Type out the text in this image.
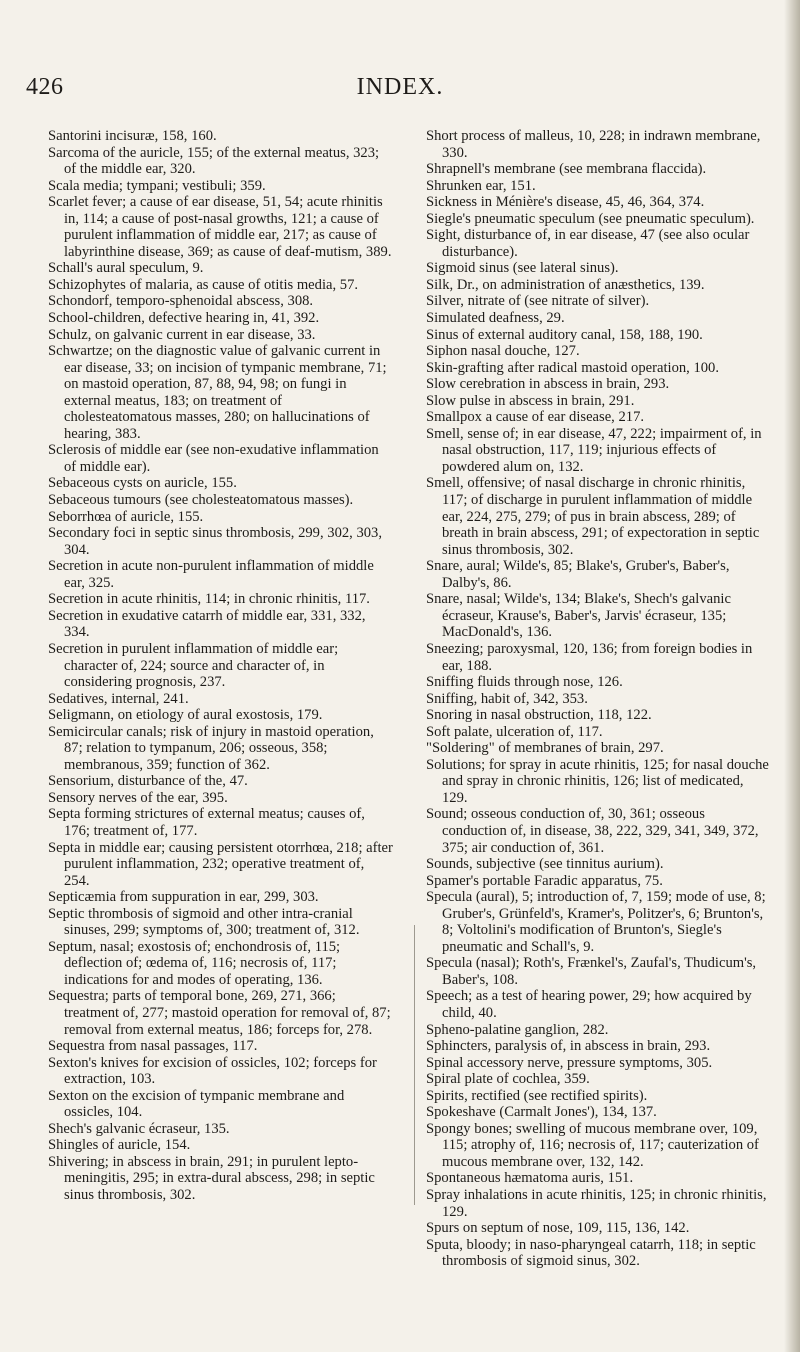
426	INDEX.
Santorini incisuræ, 158, 160.
Sarcoma of the auricle, 155; of the external meatus, 323; of the middle ear, 320.
Scala media; tympani; vestibuli; 359.
Scarlet fever; a cause of ear disease, 51, 54; acute rhinitis in, 114; a cause of post-nasal growths, 121; a cause of purulent inflammation of middle ear, 217; as cause of labyrinthine disease, 369; as cause of deaf-mutism, 389.
Schall's aural speculum, 9.
Schizophytes of malaria, as cause of otitis media, 57.
Schondorf, temporo-sphenoidal abscess, 308.
School-children, defective hearing in, 41, 392.
Schulz, on galvanic current in ear disease, 33.
Schwartze; on the diagnostic value of galvanic current in ear disease, 33; on incision of tympanic membrane, 71; on mastoid operation, 87, 88, 94, 98; on fungi in external meatus, 183; on treatment of cholesteatomatous masses, 280; on hallucinations of hearing, 383.
Sclerosis of middle ear (see non-exudative inflammation of middle ear).
Sebaceous cysts on auricle, 155.
Sebaceous tumours (see cholesteatomatous masses).
Seborrhœa of auricle, 155.
Secondary foci in septic sinus thrombosis, 299, 302, 303, 304.
Secretion in acute non-purulent inflammation of middle ear, 325.
Secretion in acute rhinitis, 114; in chronic rhinitis, 117.
Secretion in exudative catarrh of middle ear, 331, 332, 334.
Secretion in purulent inflammation of middle ear; character of, 224; source and character of, in considering prognosis, 237.
Sedatives, internal, 241.
Seligmann, on etiology of aural exostosis, 179.
Semicircular canals; risk of injury in mastoid operation, 87; relation to tympanum, 206; osseous, 358; membranous, 359; function of 362.
Sensorium, disturbance of the, 47.
Sensory nerves of the ear, 395.
Septa forming strictures of external meatus; causes of, 176; treatment of, 177.
Septa in middle ear; causing persistent otorrhœa, 218; after purulent inflammation, 232; operative treatment of, 254.
Septicæmia from suppuration in ear, 299, 303.
Septic thrombosis of sigmoid and other intra-cranial sinuses, 299; symptoms of, 300; treatment of, 312.
Septum, nasal; exostosis of; enchondrosis of, 115; deflection of; œdema of, 116; necrosis of, 117; indications for and modes of operating, 136.
Sequestra; parts of temporal bone, 269, 271, 366; treatment of, 277; mastoid operation for removal of, 87; removal from external meatus, 186; forceps for, 278.
Sequestra from nasal passages, 117.
Sexton's knives for excision of ossicles, 102; forceps for extraction, 103.
Sexton on the excision of tympanic membrane and ossicles, 104.
Shech's galvanic écraseur, 135.
Shingles of auricle, 154.
Shivering; in abscess in brain, 291; in purulent lepto-meningitis, 295; in extra-dural abscess, 298; in septic sinus thrombosis, 302.
Short process of malleus, 10, 228; in indrawn membrane, 330.
Shrapnell's membrane (see membrana flaccida).
Shrunken ear, 151.
Sickness in Ménière's disease, 45, 46, 364, 374.
Siegle's pneumatic speculum (see pneumatic speculum).
Sight, disturbance of, in ear disease, 47 (see also ocular disturbance).
Sigmoid sinus (see lateral sinus).
Silk, Dr., on administration of anæsthetics, 139.
Silver, nitrate of (see nitrate of silver).
Simulated deafness, 29.
Sinus of external auditory canal, 158, 188, 190.
Siphon nasal douche, 127.
Skin-grafting after radical mastoid operation, 100.
Slow cerebration in abscess in brain, 293.
Slow pulse in abscess in brain, 291.
Smallpox a cause of ear disease, 217.
Smell, sense of; in ear disease, 47, 222; impairment of, in nasal obstruction, 117, 119; injurious effects of powdered alum on, 132.
Smell, offensive; of nasal discharge in chronic rhinitis, 117; of discharge in purulent inflammation of middle ear, 224, 275, 279; of pus in brain abscess, 289; of breath in brain abscess, 291; of expectoration in septic sinus thrombosis, 302.
Snare, aural; Wilde's, 85; Blake's, Gruber's, Baber's, Dalby's, 86.
Snare, nasal; Wilde's, 134; Blake's, Shech's galvanic écraseur, Krause's, Baber's, Jarvis' écraseur, 135; MacDonald's, 136.
Sneezing; paroxysmal, 120, 136; from foreign bodies in ear, 188.
Sniffing fluids through nose, 126.
Sniffing, habit of, 342, 353.
Snoring in nasal obstruction, 118, 122.
Soft palate, ulceration of, 117.
"Soldering" of membranes of brain, 297.
Solutions; for spray in acute rhinitis, 125; for nasal douche and spray in chronic rhinitis, 126; list of medicated, 129.
Sound; osseous conduction of, 30, 361; osseous conduction of, in disease, 38, 222, 329, 341, 349, 372, 375; air conduction of, 361.
Sounds, subjective (see tinnitus aurium).
Spamer's portable Faradic apparatus, 75.
Specula (aural), 5; introduction of, 7, 159; mode of use, 8; Gruber's, Grünfeld's, Kramer's, Politzer's, 6; Brunton's, 8; Voltolini's modification of Brunton's, Siegle's pneumatic and Schall's, 9.
Specula (nasal); Roth's, Frænkel's, Zaufal's, Thudicum's, Baber's, 108.
Speech; as a test of hearing power, 29; how acquired by child, 40.
Spheno-palatine ganglion, 282.
Sphincters, paralysis of, in abscess in brain, 293.
Spinal accessory nerve, pressure symptoms, 305.
Spiral plate of cochlea, 359.
Spirits, rectified (see rectified spirits).
Spokeshave (Carmalt Jones'), 134, 137.
Spongy bones; swelling of mucous membrane over, 109, 115; atrophy of, 116; necrosis of, 117; cauterization of mucous membrane over, 132, 142.
Spontaneous hæmatoma auris, 151.
Spray inhalations in acute rhinitis, 125; in chronic rhinitis, 129.
Spurs on septum of nose, 109, 115, 136, 142.
Sputa, bloody; in naso-pharyngeal catarrh, 118; in septic thrombosis of sigmoid sinus, 302.
